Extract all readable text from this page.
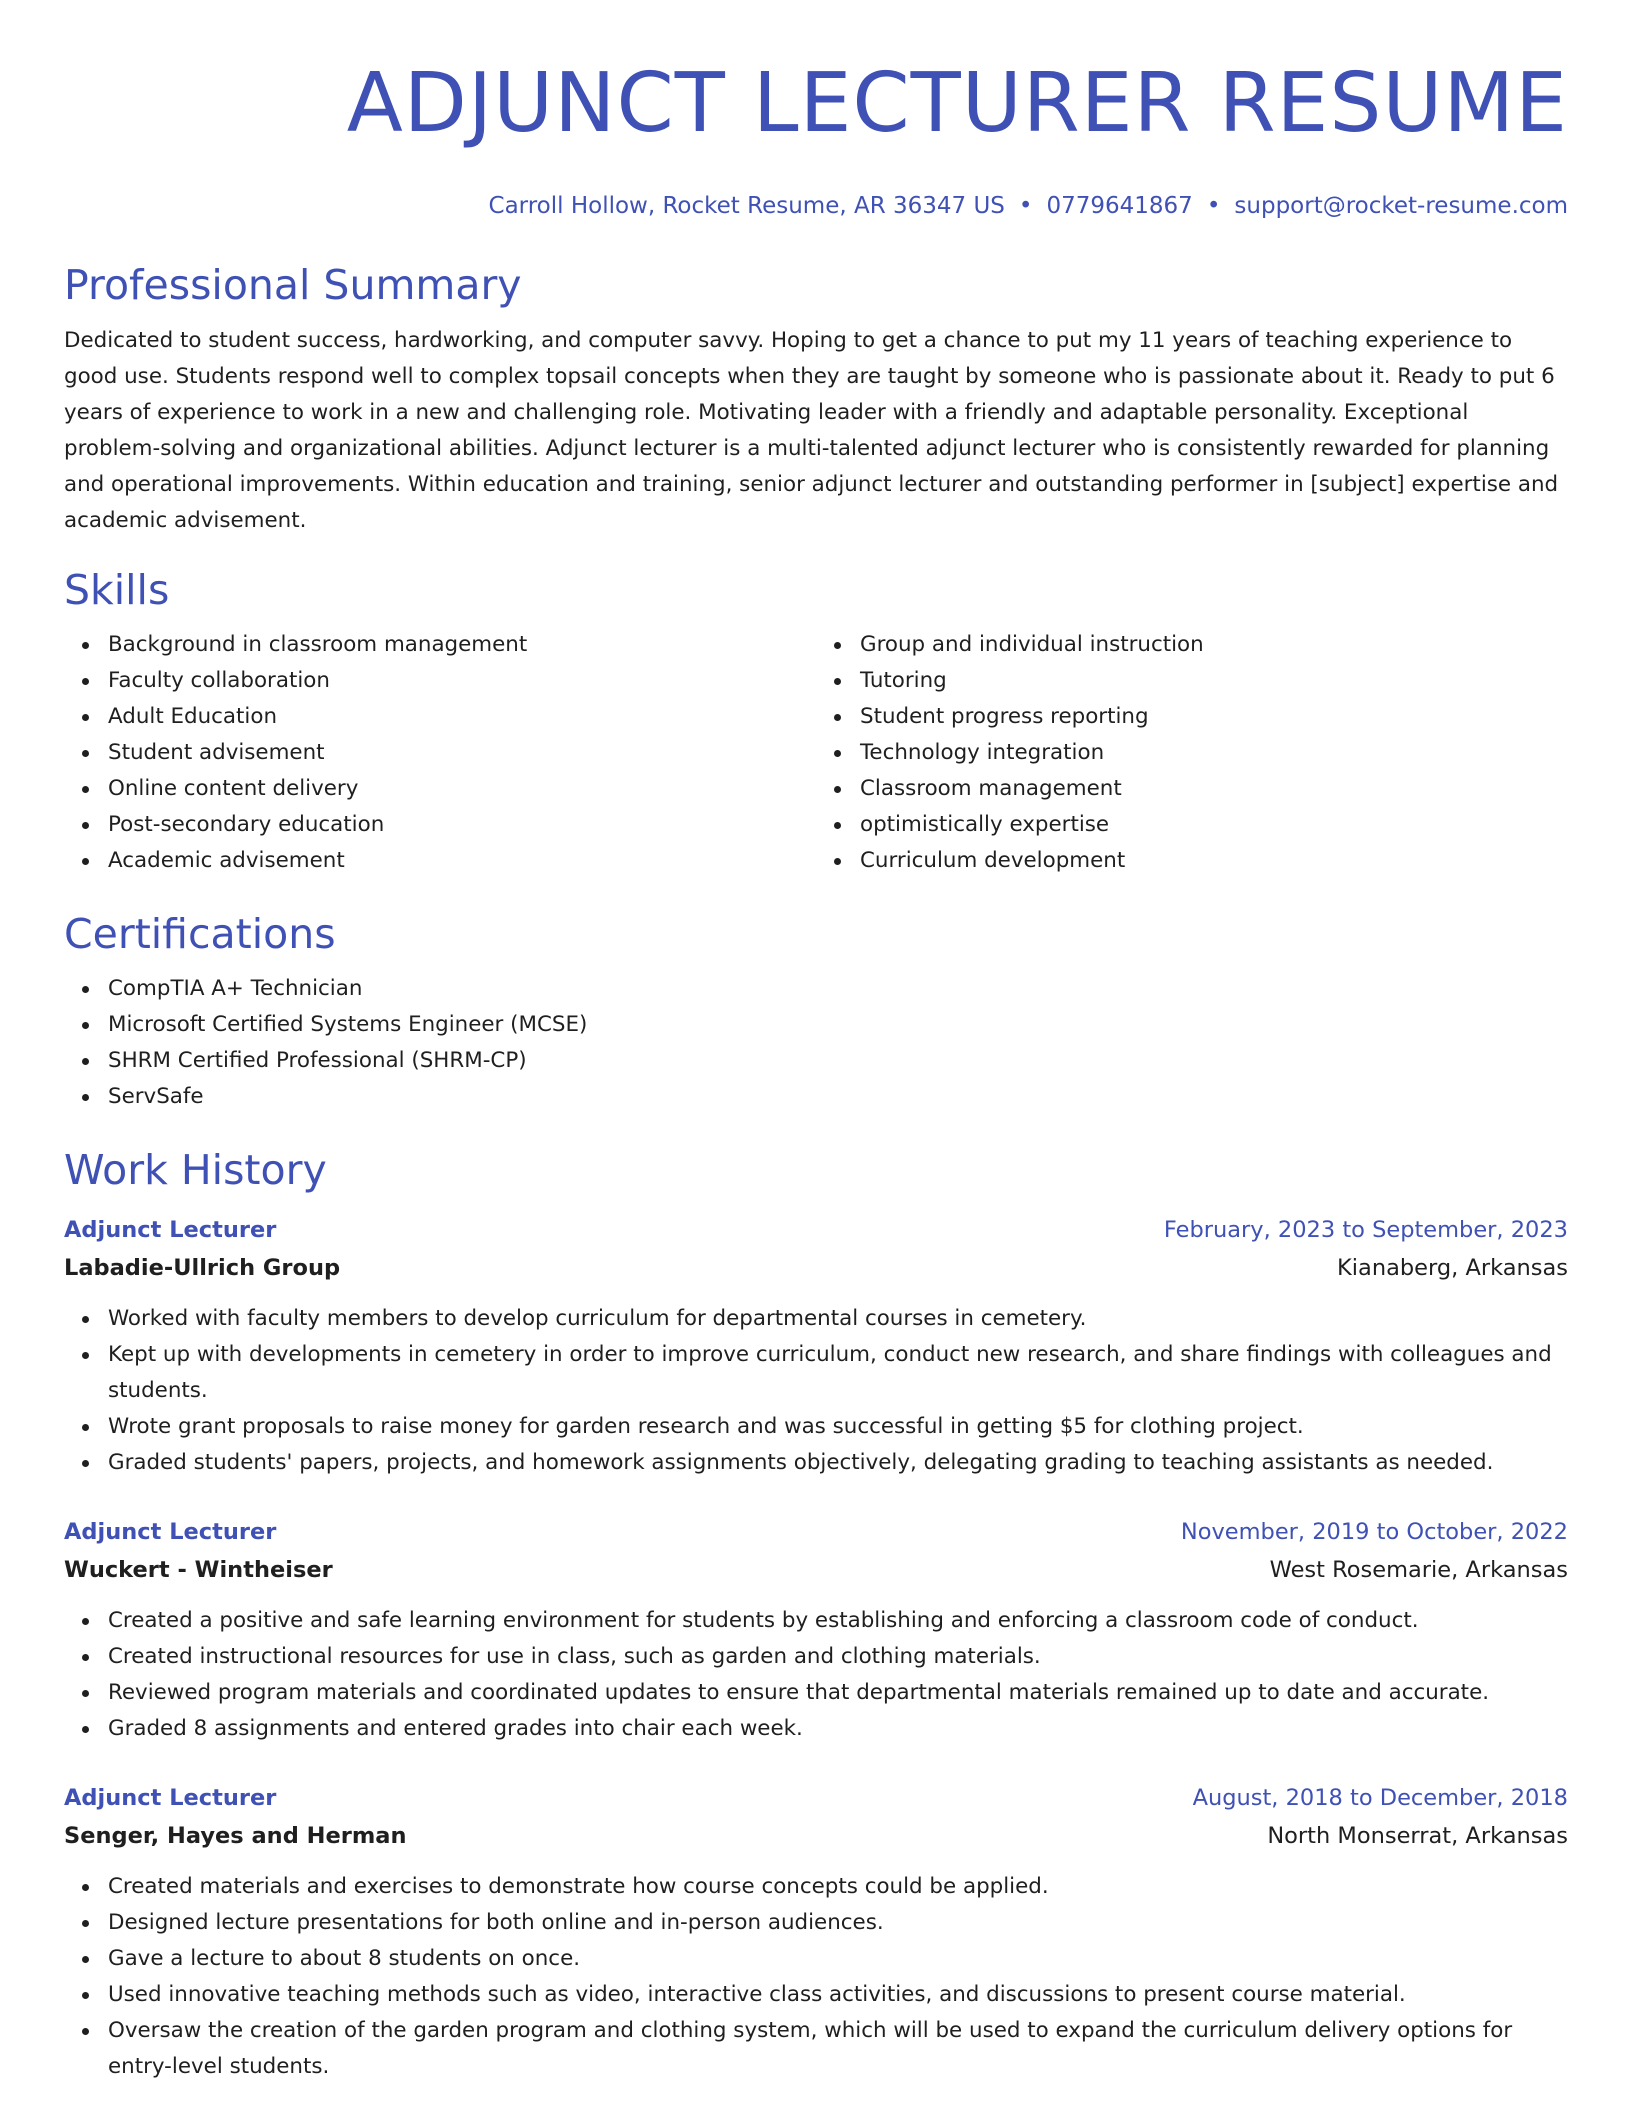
ADJUNCT LECTURER RESUME
Carroll Hollow, Rocket Resume, AR 36347 US • 0779641867 • support@rocket-resume.com
Professional Summary

Dedicated to student success, hardworking, and computer savvy. Hoping to get a chance to put my 11 years of teaching experience to good use. Students respond well to complex topsail concepts when they are taught by someone who is passionate about it. Ready to put 6 years of experience to work in a new and challenging role. Motivating leader with a friendly and adaptable personality. Exceptional problem-solving and organizational abilities. Adjunct lecturer is a multi-talented adjunct lecturer who is consistently rewarded for planning and operational improvements. Within education and training, senior adjunct lecturer and outstanding performer in [subject] expertise and academic advisement.

Skills
Background in classroom management
Faculty collaboration
Adult Education
Student advisement
Online content delivery
Post-secondary education
Academic advisement
Group and individual instruction
Tutoring
Student progress reporting
Technology integration
Classroom management
optimistically expertise
Curriculum development
Certifications
CompTIA A+ Technician
Microsoft Certified Systems Engineer (MCSE)
SHRM Certified Professional (SHRM-CP)
ServSafe
Work History
Adjunct Lecturer	February, 2023 to September, 2023
Labadie-Ullrich Group	Kianaberg, Arkansas
Worked with faculty members to develop curriculum for departmental courses in cemetery.
Kept up with developments in cemetery in order to improve curriculum, conduct new research, and share findings with colleagues and students.
Wrote grant proposals to raise money for garden research and was successful in getting $5 for clothing project.
Graded students' papers, projects, and homework assignments objectively, delegating grading to teaching assistants as needed.
Adjunct Lecturer	November, 2019 to October, 2022
Wuckert - Wintheiser	West Rosemarie, Arkansas
Created a positive and safe learning environment for students by establishing and enforcing a classroom code of conduct.
Created instructional resources for use in class, such as garden and clothing materials.
Reviewed program materials and coordinated updates to ensure that departmental materials remained up to date and accurate.
Graded 8 assignments and entered grades into chair each week.
Adjunct Lecturer	August, 2018 to December, 2018
Senger, Hayes and Herman	North Monserrat, Arkansas
Created materials and exercises to demonstrate how course concepts could be applied.
Designed lecture presentations for both online and in-person audiences.
Gave a lecture to about 8 students on once.
Used innovative teaching methods such as video, interactive class activities, and discussions to present course material.
Oversaw the creation of the garden program and clothing system, which will be used to expand the curriculum delivery options for entry-level students.
